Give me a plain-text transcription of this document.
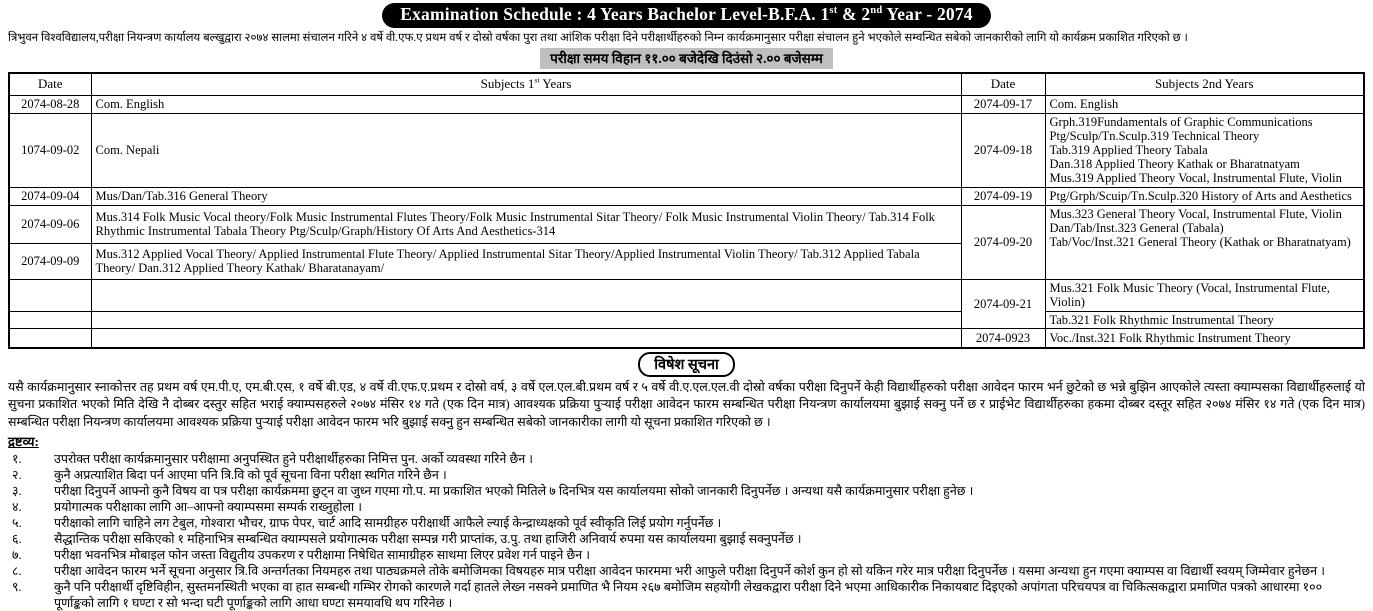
Examination Schedule : 4 Years Bachelor Level-B.F.A. 1st & 2nd Year - 2074
त्रिभुवन विश्वविद्यालय,परीक्षा नियन्त्रण कार्यालय बल्खुद्वारा २०७४ सालमा संचालन गरिने ४ वर्षे वी.एफ.ए प्रथम वर्ष र दोस्रो वर्षका पुरा तथा आंशिक परीक्षा दिने परीक्षार्थीहरुको निम्न कार्यक्रमानुसार परीक्षा संचालन हुने भएकोले सम्वन्धित सबेको जानकारीको लागि यो कार्यक्रम प्रकाशित गरिएको छ ।
परीक्षा समय विहान ११.०० बजेदेखि दिउंसो २.०० बजेसम्म
Date	Subjects 1st Years	Date	Subjects 2nd Years
2074-08-28	Com. English	2074-09-17	Com. English
1074-09-02	Com. Nepali	2074-09-18	Grph.319Fundamentals of Graphic Communications
Ptg/Sculp/Tn.Sculp.319 Technical Theory
Tab.319 Applied Theory Tabala
Dan.318 Applied Theory Kathak or Bharatnatyam
Mus.319 Applied Theory Vocal, Instrumental Flute, Violin

2074-09-04	Mus/Dan/Tab.316 General Theory	2074-09-19	Ptg/Grph/Scuip/Tn.Sculp.320 History of Arts and Aesthetics
2074-09-06	Mus.314 Folk Music Vocal theory/Folk Music Instrumental Flutes Theory/Folk Music Instrumental Sitar Theory/ Folk Music Instrumental Violin Theory/ Tab.314 Folk Rhythmic Instrumental Tabala Theory Ptg/Sculp/Graph/History Of Arts And Aesthetics-314	2074-09-20	
Mus.323 General Theory Vocal, Instrumental Flute, Violin
Dan/Tab/Inst.323 General (Tabala)
Tab/Voc/Inst.321 General Theory (Kathak or Bharatnatyam)

2074-09-09	Mus.312 Applied Vocal Theory/ Applied Instrumental Flute Theory/ Applied Instrumental Sitar Theory/Applied Instrumental Violin Theory/ Tab.312 Applied Tabala Theory/ Dan.312 Applied Theory Kathak/ Bharatanayam/		
		2074-09-21	Mus.321 Folk Music Theory (Vocal, Instrumental Flute, Violin)
			Tab.321 Folk Rhythmic Instrumental Theory
		2074-0923	Voc./Inst.321 Folk Rhythmic Instrument Theory
विषेश सूचना
यसै कार्यक्रमानुसार स्नाकोत्तर तह प्रथम वर्ष एम.पी.ए, एम.बी.एस, १ वर्षे बी.एड, ४ वर्षे वी.एफ.ए.प्रथम र दोस्रो वर्ष, ३ वर्षे एल.एल.बी.प्रथम वर्ष र ५ वर्षे वी.ए.एल.एल.वी दोस्रो वर्षका परीक्षा दिनुपर्ने केही विद्यार्थीहरुको परीक्षा आवेदन फारम भर्न छुटेको छ भन्ने बुझिन आएकोले त्यस्ता क्याम्पसका विद्यार्थीहरुलाई यो सुचना प्रकाशित भएको मिति देखि नै दोब्बर दस्तुर सहित भराई क्याम्पसहरुले २०७४ मंसिर १४ गते (एक दिन मात्र) आवश्यक प्रक्रिया पुऱ्याई परीक्षा आवेदन फारम सम्बन्धित परीक्षा नियन्त्रण कार्यालयमा बुझाई सक्नु पर्ने छ र प्राईभेट विद्यार्थीहरुका हकमा दोब्बर दस्तूर सहित २०७४ मंसिर १४ गते (एक दिन मात्र) सम्बन्धित परीक्षा नियन्त्रण कार्यालयमा आवश्यक प्रक्रिया पुऱ्याई परीक्षा आवेदन फारम भरि बुझाई सक्नु हुन सम्बन्धित सबेको जानकारीका लागी यो सूचना प्रकाशित गरिएको छ ।
द्रष्टव्य:
१.	उपरोक्त परीक्षा कार्यक्रमानुसार परीक्षामा अनुपस्थित हुने परीक्षार्थीहरुका निमित्त पुन. अर्को व्यवस्था गरिने छैन ।
२.	कुनै अप्रत्याशित बिदा पर्न आएमा पनि त्रि.वि को पूर्व सूचना विना परीक्षा स्थगित गरिने छैन ।
३.	परीक्षा दिनुपर्ने आफ्नो कुनै विषय वा पत्र परीक्षा कार्यक्रममा छुट्न वा जुध्न गएमा गो.प. मा प्रकाशित भएको मितिले ७ दिनभित्र यस कार्यालयमा सोको जानकारी दिनुपर्नेछ । अन्यथा यसै कार्यक्रमानुसार परीक्षा हुनेछ ।
४.	प्रयोगात्मक परीक्षाका लागि आ–आफ्नो क्याम्पसमा सम्पर्क राख्नुहोला ।
५.	परीक्षाको लागि चाहिने लग टेबुल, गोश्वारा भौचर, ग्राफ पेपर, चार्ट आदि सामग्रीहरु परीक्षार्थी आफैले ल्याई केन्द्राध्यक्षको पूर्व स्वीकृति लिई प्रयोग गर्नुपर्नेछ ।
६.	सैद्धान्तिक परीक्षा सकिएको १ महिनाभित्र सम्बन्धित क्याम्पसले प्रयोगात्मक परीक्षा सम्पन्न गरी प्राप्तांक, उ.पु. तथा हाजिरी अनिवार्य रुपमा यस कार्यालयमा बुझाई सक्नुपर्नेछ ।
७.	परीक्षा भवनभित्र मोबाइल फोन जस्ता विद्युतीय उपकरण र परीक्षामा निषेधित सामाग्रीहरु साथमा लिएर प्रवेश गर्न पाइने छैन ।
८.	परीक्षा आवेदन फारम भर्ने सूचना अनुसार त्रि.वि अन्तर्गतका नियमहरु तथा पाठ्यक्रमले तोके बमोजिमका विषयहरु मात्र परीक्षा आवेदन फारममा भरी आफुले परीक्षा दिनुपर्ने कोर्श कुन हो सो यकिन गरेर मात्र परीक्षा दिनुपर्नेछ । यसमा अन्यथा हुन गएमा क्याम्पस वा विद्यार्थी स्वयम् जिम्मेवार हुनेछन ।
९.	कुनै पनि परीक्षार्थी दृष्टिविहीन, सुस्तमनस्थिती भएका वा हात सम्बन्धी गम्भिर रोगको कारणले गर्दा हातले लेख्न नसक्ने प्रमाणित भै नियम २६७ बमोजिम सहयोगी लेखकद्वारा परीक्षा दिने भएमा आधिकारीक निकायबाट दिइएको अपांगता परिचयपत्र वा चिकित्सकद्वारा प्रमाणित पत्रको आधारमा १०० पूर्णाङ्कको लागि १ घण्टा र सो भन्दा घटी पूर्णाङ्कको लागि आधा घण्टा समयावधि थप गरिनेछ ।
